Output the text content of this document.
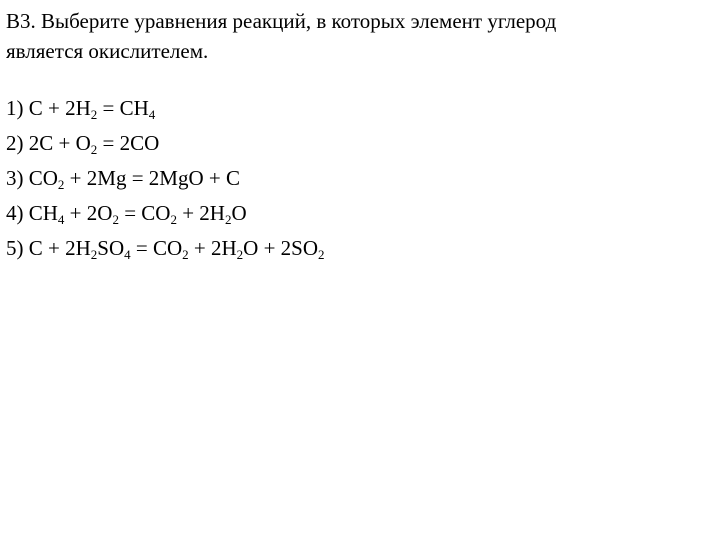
В3. Выберите уравнения реакций, в которых элемент углерод
является окислителем.

1) $C + 2H_2 = CH_4$
2) $2C + O_2 = 2CO$
3) $CO_2 + 2Mg = 2MgO + C$
4) $CH_4 + 2O_2 = CO_2 + 2H_2O$
5) $C + 2H_2SO_4 = CO_2 + 2H_2O + 2SO_2$
